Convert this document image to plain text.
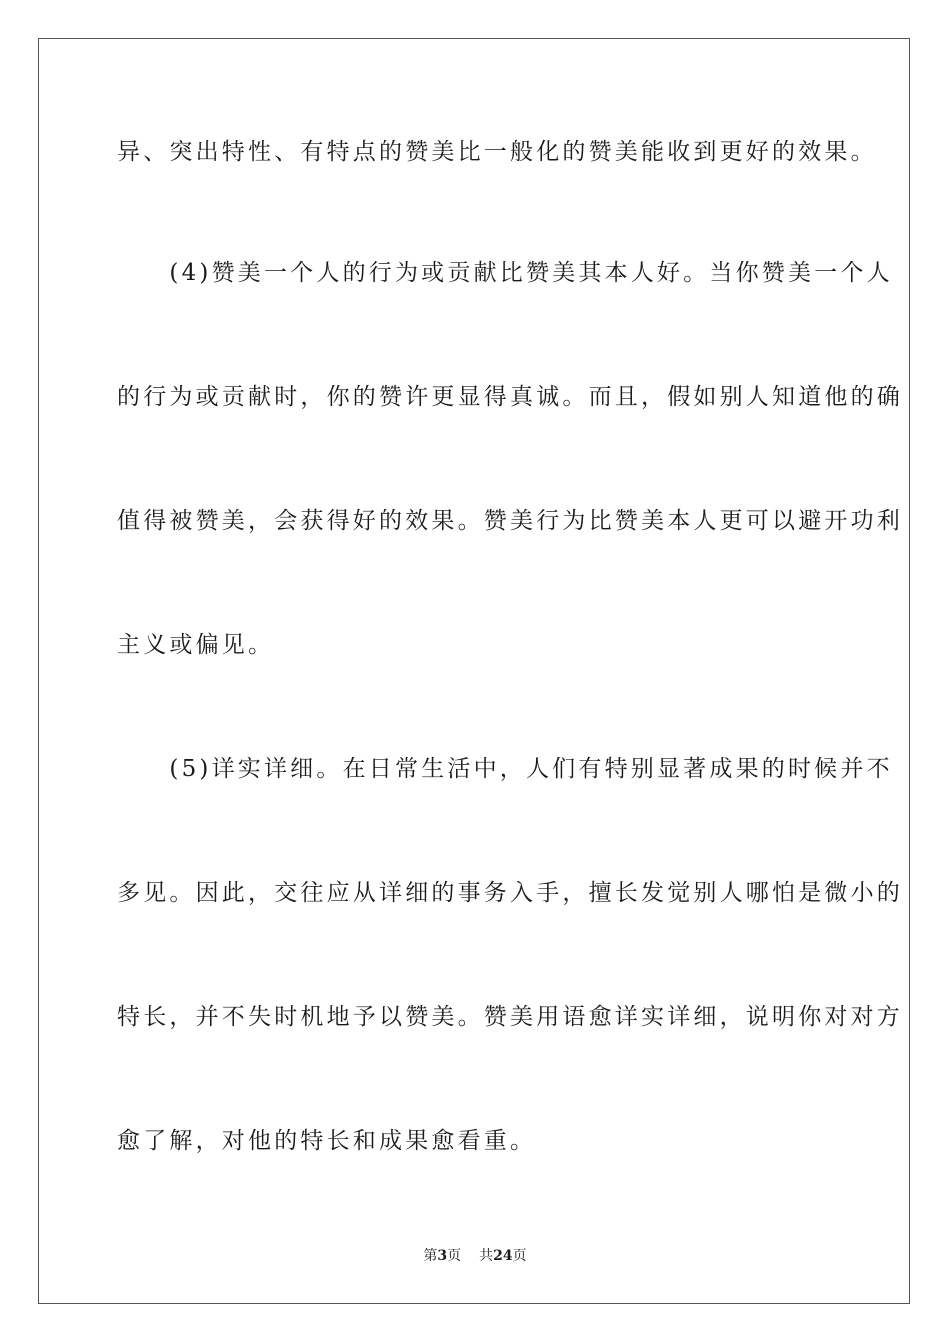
异、突出特性、有特点的赞美比一般化的赞美能收到更好的效果。

　　(4)赞美一个人的行为或贡献比赞美其本人好。当你赞美一个人

的行为或贡献时，你的赞许更显得真诚。而且，假如别人知道他的确

值得被赞美，会获得好的效果。赞美行为比赞美本人更可以避开功利

主义或偏见。

　　(5)详实详细。在日常生活中，人们有特别显著成果的时候并不

多见。因此，交往应从详细的事务入手，擅长发觉别人哪怕是微小的

特长，并不失时机地予以赞美。赞美用语愈详实详细，说明你对对方

愈了解，对他的特长和成果愈看重。

第3页 共24页
